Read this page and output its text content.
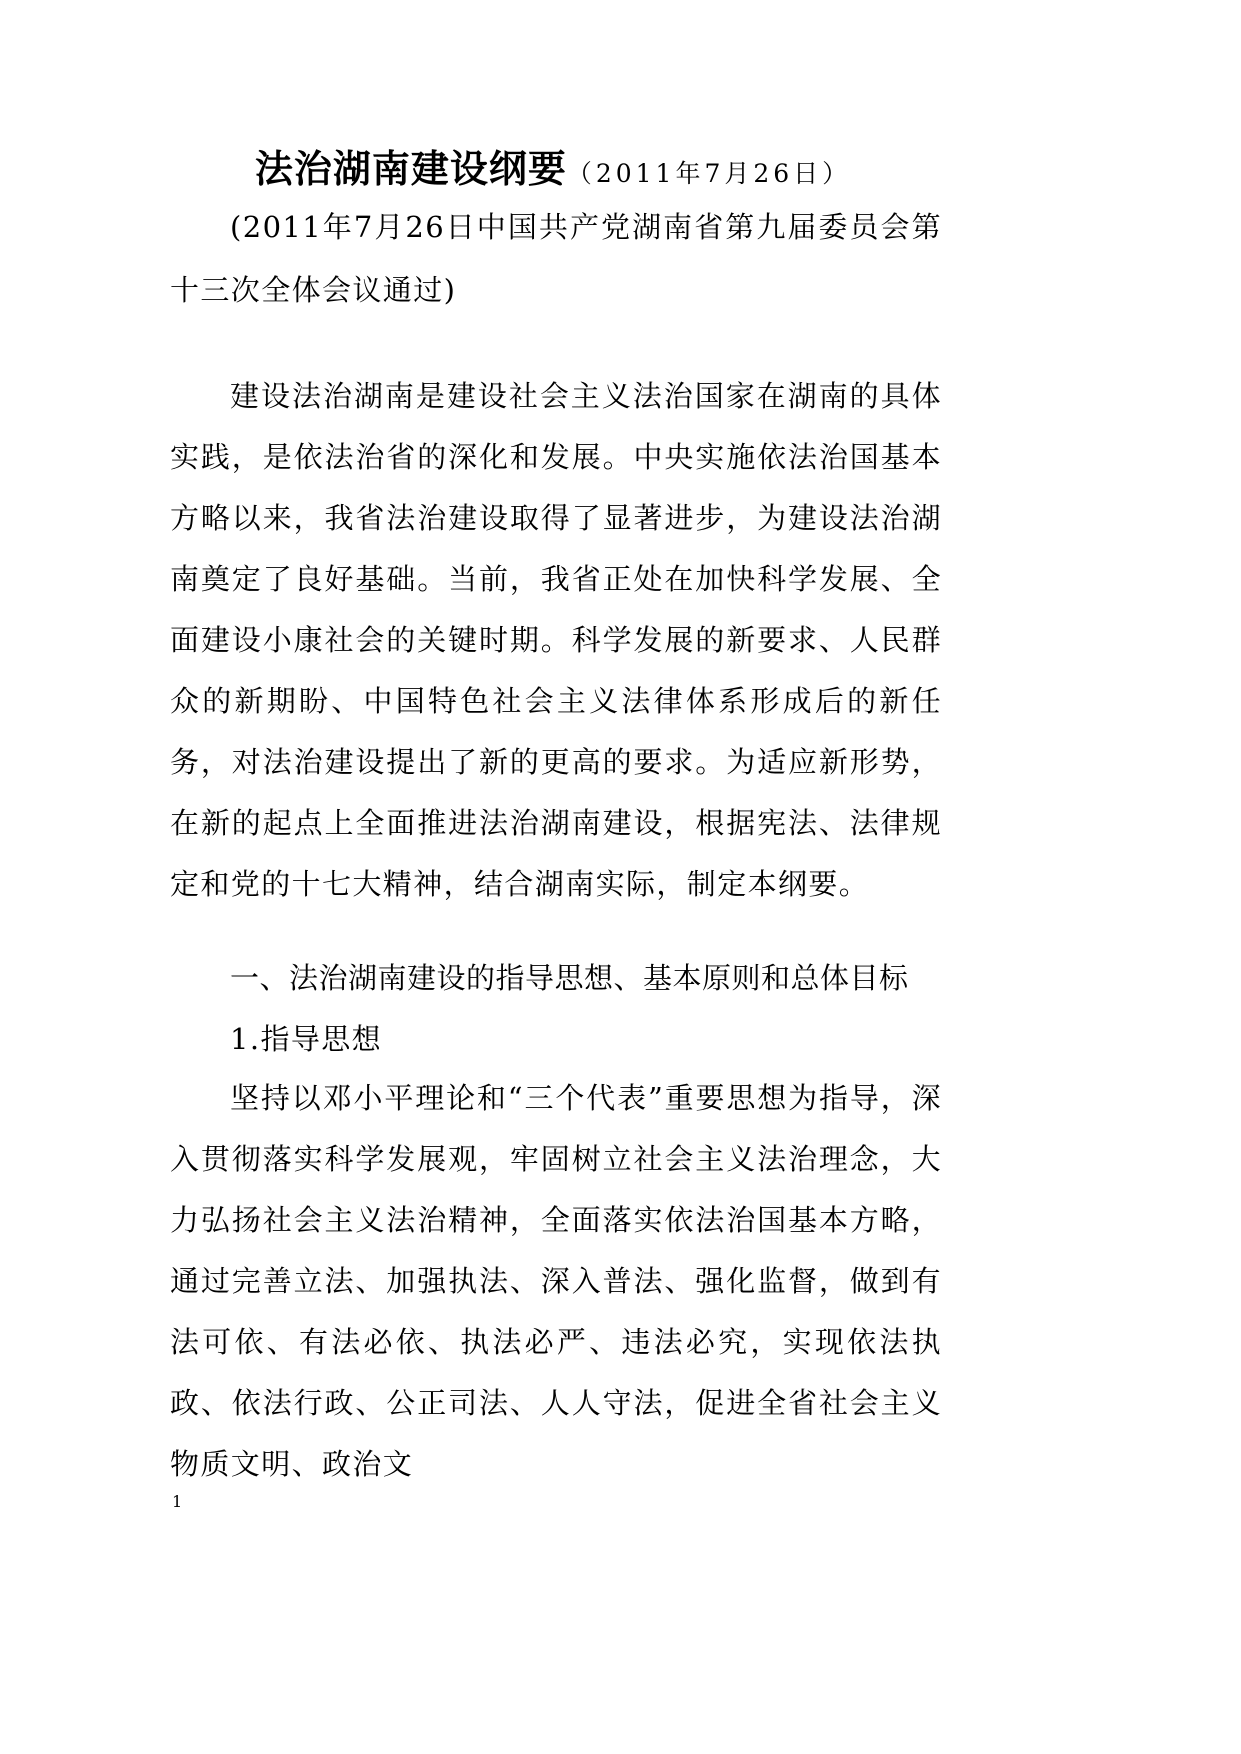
法治湖南建设纲要（2011年7月26日）

(2011年7月26日中国共产党湖南省第九届委员会第十三次全体会议通过)

建设法治湖南是建设社会主义法治国家在湖南的具体实践，是依法治省的深化和发展。中央实施依法治国基本方略以来，我省法治建设取得了显著进步，为建设法治湖南奠定了良好基础。当前，我省正处在加快科学发展、全面建设小康社会的关键时期。科学发展的新要求、人民群众的新期盼、中国特色社会主义法律体系形成后的新任务，对法治建设提出了新的更高的要求。为适应新形势，在新的起点上全面推进法治湖南建设，根据宪法、法律规定和党的十七大精神，结合湖南实际，制定本纲要。

一、法治湖南建设的指导思想、基本原则和总体目标

1.指导思想

坚持以邓小平理论和“三个代表”重要思想为指导，深入贯彻落实科学发展观，牢固树立社会主义法治理念，大力弘扬社会主义法治精神，全面落实依法治国基本方略，通过完善立法、加强执法、深入普法、强化监督，做到有法可依、有法必依、执法必严、违法必究，实现依法执政、依法行政、公正司法、人人守法，促进全省社会主义物质文明、政治文

1
